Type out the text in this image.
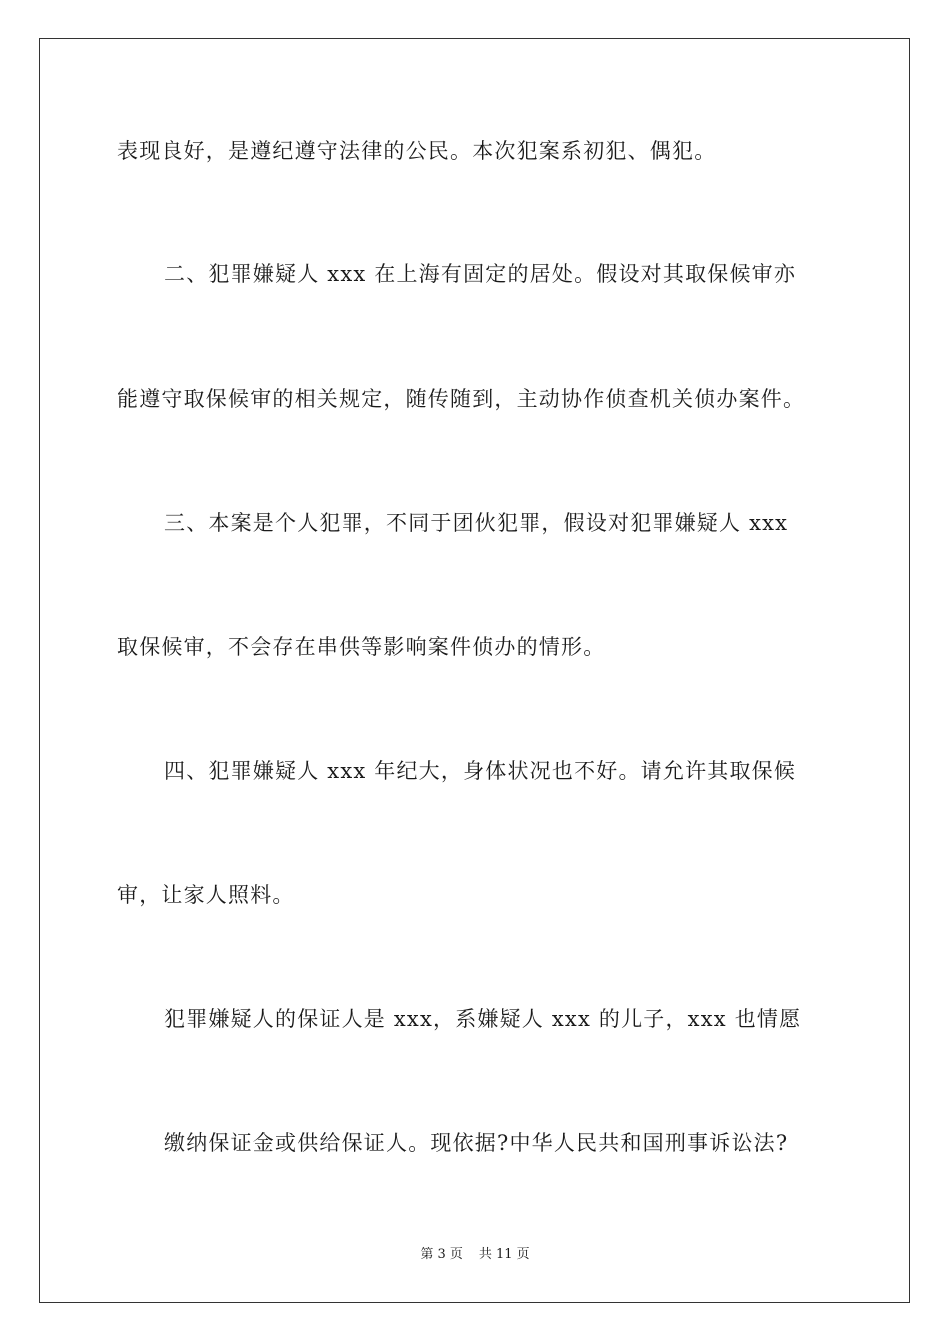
表现良好，是遵纪遵守法律的公民。本次犯案系初犯、偶犯。
二、犯罪嫌疑人 xxx 在上海有固定的居处。假设对其取保候审亦
能遵守取保候审的相关规定，随传随到，主动协作侦查机关侦办案件。
三、本案是个人犯罪，不同于团伙犯罪，假设对犯罪嫌疑人 xxx
取保候审，不会存在串供等影响案件侦办的情形。
四、犯罪嫌疑人 xxx 年纪大，身体状况也不好。请允许其取保候
审，让家人照料。
犯罪嫌疑人的保证人是 xxx，系嫌疑人 xxx 的儿子，xxx 也情愿
缴纳保证金或供给保证人。现依据?中华人民共和国刑事诉讼法?
第 3 页 共 11 页
